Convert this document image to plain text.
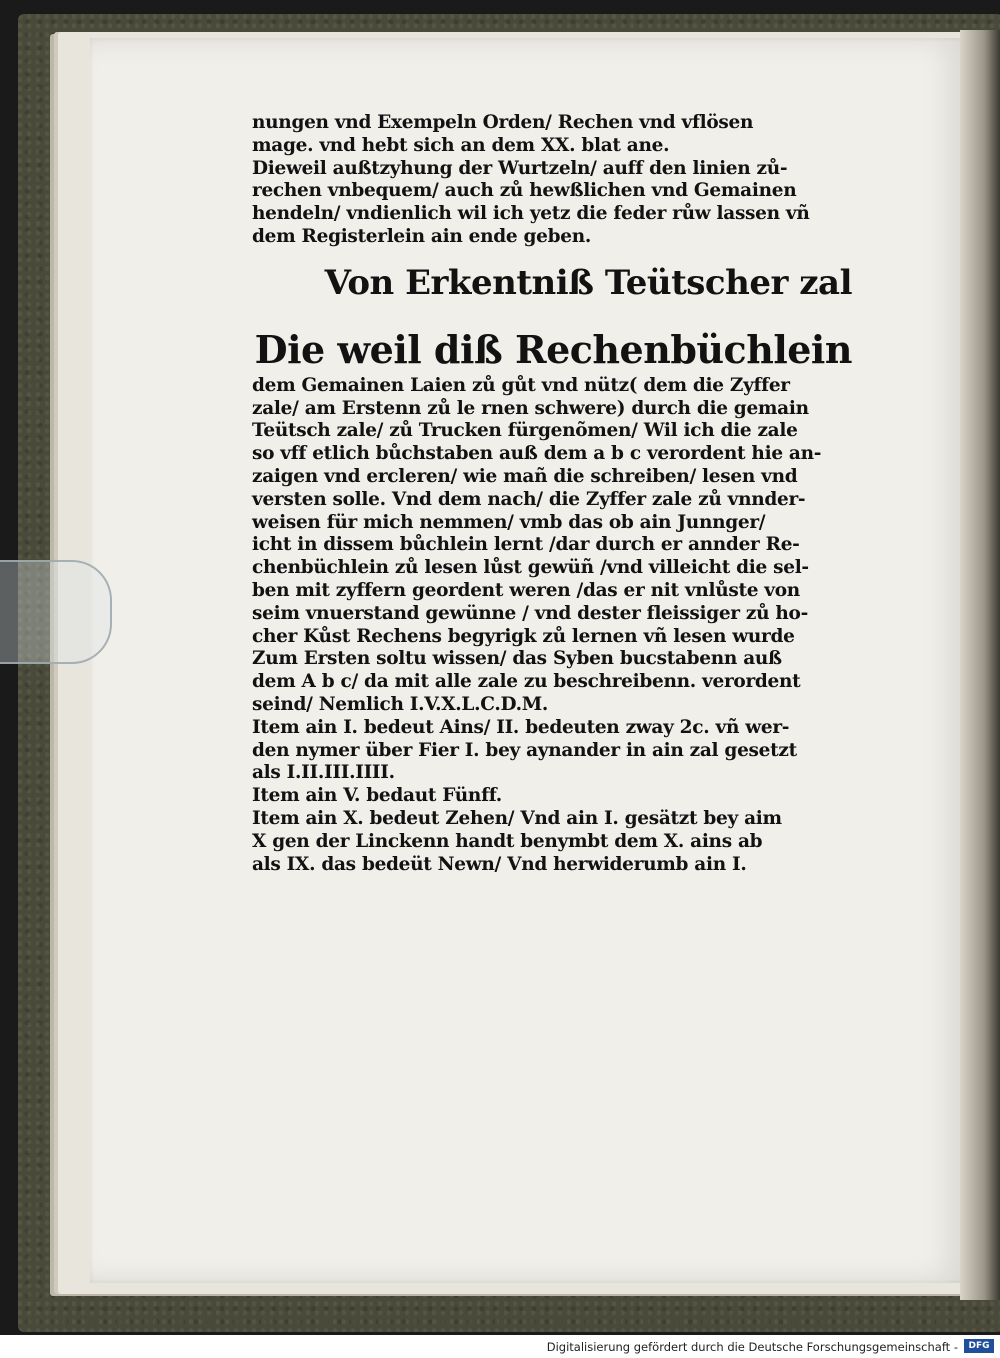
nungen vnd Exempeln Orden/ Rechen vnd vflösen
mage. vnd hebt sich an dem XX. blat ane.
Dieweil außtzyhung der Wurtzeln/ auff den linien zů-
rechen vnbequem/ auch zů hewßlichen vnd Gemainen
hendeln/ vndienlich wil ich yetz die feder růw lassen vñ
dem Registerlein ain ende geben.
Von Erkentniß Teütscher zal
Die weil diß Rechenbüchlein
dem Gemainen Laien zů gůt vnd nütz( dem die Zyffer
zale/ am Erstenn zů le rnen schwere) durch die gemain
Teütsch zale/ zů Trucken fürgenõmen/ Wil ich die zale
so vff etlich bůchstaben auß dem a b c verordent hie an-
zaigen vnd ercleren/ wie mañ die schreiben/ lesen vnd
versten solle. Vnd dem nach/ die Zyffer zale zů vnnder-
weisen für mich nemmen/ vmb das ob ain Junnger/
icht in dissem bůchlein lernt /dar durch er annder Re-
chenbüchlein zů lesen lůst gewüñ /vnd villeicht die sel-
ben mit zyffern geordent weren /das er nit vnlůste von
seim vnuerstand gewünne / vnd dester fleissiger zů ho-
cher Kůst Rechens begyrigk zů lernen vñ lesen wurde
Zum Ersten soltu wissen/ das Syben bucstabenn auß
dem A b c/ da mit alle zale zu beschreibenn. verordent
seind/ Nemlich I.V.X.L.C.D.M.
Item ain I. bedeut Ains/ II. bedeuten zway 2c. vñ wer-
den nymer über Fier I. bey aynander in ain zal gesetzt
als I.II.III.IIII.
Item ain V. bedaut Fünff.
Item ain X. bedeut Zehen/ Vnd ain I. gesätzt bey aim
X gen der Linckenn handt benymbt dem X. ains ab
als IX. das bedeüt Newn/ Vnd herwiderumb ain I.
Digitalisierung gefördert durch die Deutsche Forschungsgemeinschaft -	DFG
